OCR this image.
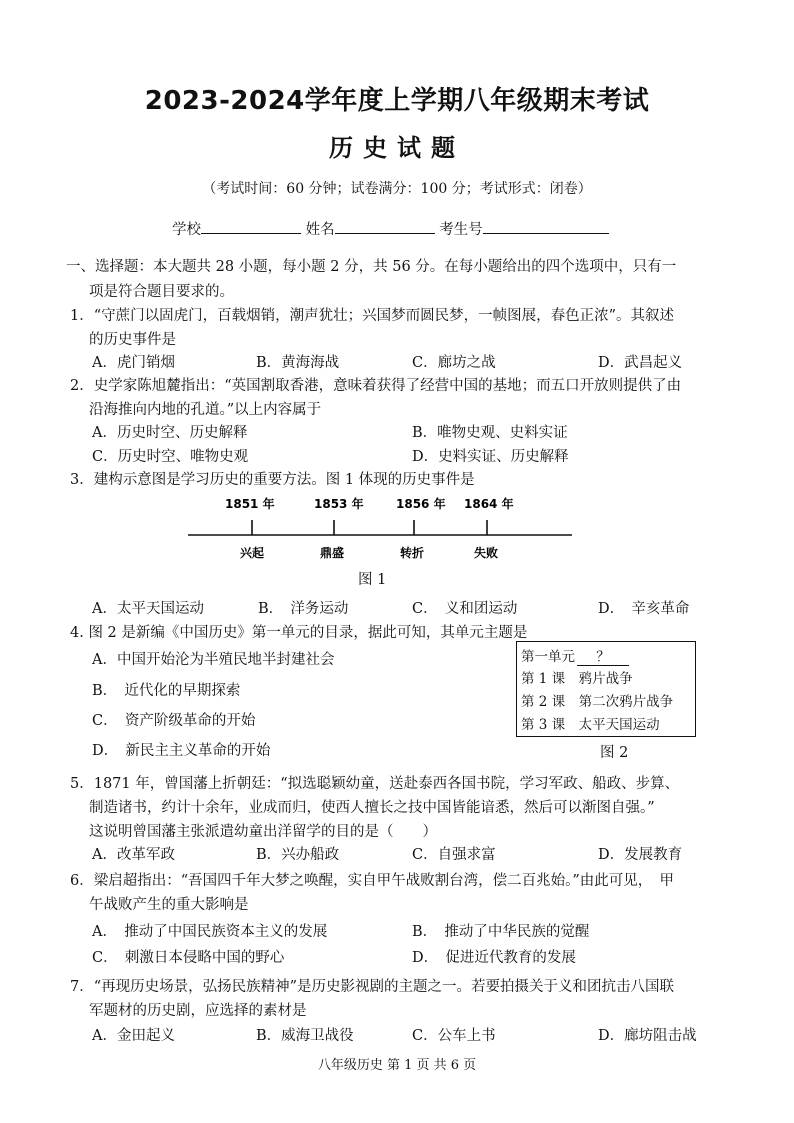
2023-2024学年度上学期八年级期末考试
历史试题
（考试时间：60 分钟；试卷满分：100 分；考试形式：闭卷）
学校	姓名	考生号
一、选择题：本大题共 28 小题，每小题 2 分，共 56 分。在每小题给出的四个选项中，只有一
项是符合题目要求的。
1．“守蔗门以固虎门，百载烟销，潮声犹壮；兴国梦而圆民梦，一帧图展，春色正浓”。其叙述
的历史事件是
A．虎门销烟	B．黄海海战	C．廊坊之战	D．武昌起义
2．史学家陈旭麓指出：“英国割取香港，意味着获得了经营中国的基地；而五口开放则提供了由
沿海推向内地的孔道。”以上内容属于
A．历史时空、历史解释	B．唯物史观、史料实证
C．历史时空、唯物史观	D．史料实证、历史解释
3．建构示意图是学习历史的重要方法。图 1 体现的历史事件是
1851 年	1853 年	1856 年 1864 年
兴起	鼎盛	转折	失败
图 1
A．太平天国运动	B．　洋务运动	C．　义和团运动	D．　辛亥革命
4. 图 2 是新编《中国历史》第一单元的目录，据此可知，其单元主题是
A．中国开始沦为半殖民地半封建社会
B．　近代化的早期探索
C．　资产阶级革命的开始
D．　新民主主义革命的开始
第一单元 ？
第 1 课　鸦片战争
第 2 课　第二次鸦片战争
第 3 课　太平天国运动
图 2
5．1871 年，曾国藩上折朝廷：“拟选聪颖幼童，送赴泰西各国书院，学习军政、船政、步算、
制造诸书，约计十余年，业成而归，使西人擅长之技中国皆能谙悉，然后可以渐图自强。”
这说明曾国藩主张派遣幼童出洋留学的目的是（　　）
A．改革军政	B．兴办船政	C．自强求富	D．发展教育
6．梁启超指出：“吾国四千年大梦之唤醒，实自甲午战败割台湾，偿二百兆始。”由此可见，　甲
午战败产生的重大影响是
A．　推动了中国民族资本主义的发展	B．　推动了中华民族的觉醒
C．　刺激日本侵略中国的野心	D．　促进近代教育的发展
7．“再现历史场景，弘扬民族精神”是历史影视剧的主题之一。若要拍摄关于义和团抗击八国联
军题材的历史剧，应选择的素材是
A．金田起义	B．威海卫战役	C．公车上书	D．廊坊阻击战
八年级历史 第 1 页 共 6 页
